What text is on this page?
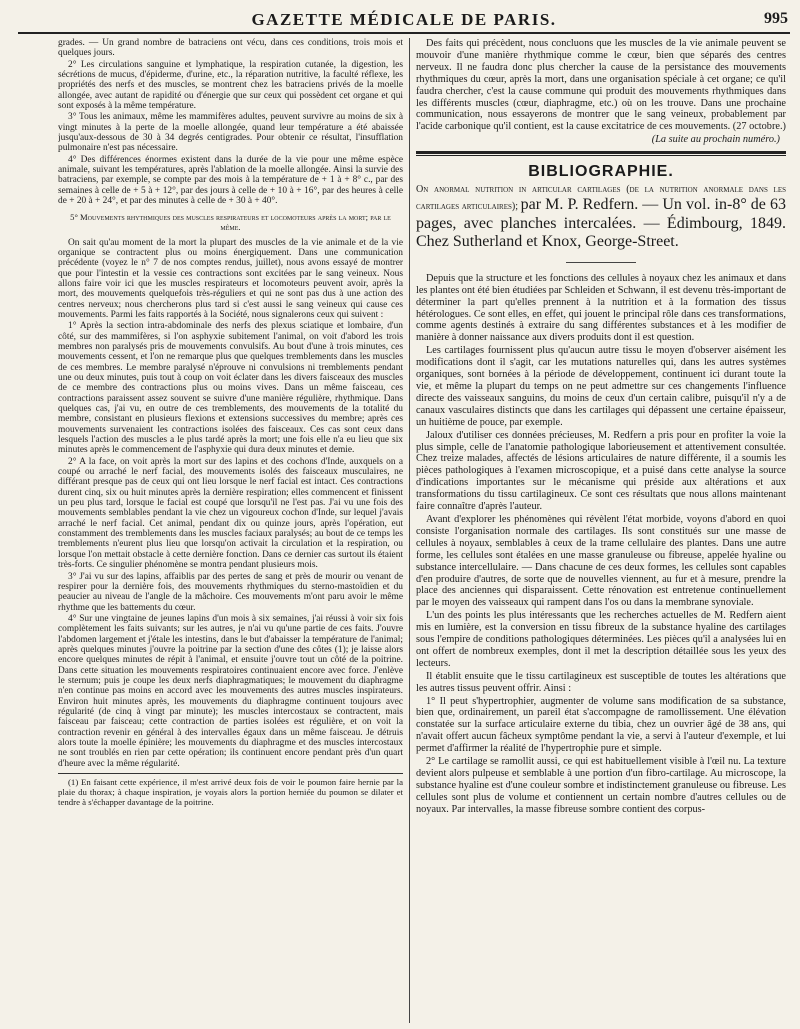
GAZETTE MÉDICALE DE PARIS.	995

grades. — Un grand nombre de batraciens ont vécu, dans ces conditions, trois mois et quelques jours.

2° Les circulations sanguine et lymphatique, la respiration cutanée, la digestion, les sécrétions de mucus, d'épiderme, d'urine, etc., la réparation nutritive, la faculté réflexe, les propriétés des nerfs et des muscles, se montrent chez les batraciens privés de la moelle allongée, avec autant de rapidité ou d'énergie que sur ceux qui possèdent cet organe et qui sont exposés à la même température.

3° Tous les animaux, même les mammifères adultes, peuvent survivre au moins de six à vingt minutes à la perte de la moelle allongée, quand leur température a été abaissée jusqu'aux-dessous de 30 à 34 degrés centigrades. Pour obtenir ce résultat, l'insufflation pulmonaire n'est pas nécessaire.

4° Des différences énormes existent dans la durée de la vie pour une même espèce animale, suivant les températures, après l'ablation de la moelle allongée. Ainsi la survie des batraciens, par exemple, se compte par des mois à la température de + 1 à + 8° c., par des semaines à celle de + 5 à + 12°, par des jours à celle de + 10 à + 16°, par des heures à celle de + 20 à + 24°, et par des minutes à celle de + 30 à + 40°.

5° Mouvements rhythmiques des muscles respirateurs et locomoteurs après la mort; par le même.

On sait qu'au moment de la mort la plupart des muscles de la vie animale et de la vie organique se contractent plus ou moins énergiquement. Dans une communication précédente (voyez le n° 7 de nos comptes rendus, juillet), nous avons essayé de montrer que pour l'intestin et la vessie ces contractions sont excitées par le sang veineux. Nous allons faire voir ici que les muscles respirateurs et locomoteurs peuvent avoir, après la mort, des mouvements quelquefois très-réguliers et qui ne sont pas dus à une action des centres nerveux; nous chercherons plus tard si c'est aussi le sang veineux qui cause ces mouvements. Parmi les faits rapportés à la Société, nous signalerons ceux qui suivent :

1° Après la section intra-abdominale des nerfs des plexus sciatique et lombaire, d'un côté, sur des mammifères, si l'on asphyxie subitement l'animal, on voit d'abord les trois membres non paralysés pris de mouvements convulsifs. Au bout d'une à trois minutes, ces mouvements cessent, et l'on ne remarque plus que quelques tremblements dans les muscles de ces membres. Le membre paralysé n'éprouve ni convulsions ni tremblements pendant une ou deux minutes, puis tout à coup on voit éclater dans les divers faisceaux des muscles de ce membre des contractions plus ou moins vives. Dans un même faisceau, ces contractions paraissent assez souvent se suivre d'une manière régulière, rhythmique. Dans quelques cas, j'ai vu, en outre de ces tremblements, des mouvements de la totalité du membre, consistant en plusieurs flexions et extensions successives du membre; après ces mouvements survenaient les contractions isolées des faisceaux. Ces cas sont ceux dans lesquels l'action des muscles a le plus tardé après la mort; une fois elle n'a eu lieu que six minutes après le commencement de l'asphyxie qui dura deux minutes et demie.

2° A la face, on voit après la mort sur des lapins et des cochons d'Inde, auxquels on a coupé ou arraché le nerf facial, des mouvements isolés des faisceaux musculaires, ne différant presque pas de ceux qui ont lieu lorsque le nerf facial est intact. Ces contractions durent cinq, six ou huit minutes après la dernière respiration; elles commencent et finissent un peu plus tard, lorsque le facial est coupé que lorsqu'il ne l'est pas. J'ai vu une fois des mouvements semblables pendant la vie chez un vigoureux cochon d'Inde, sur lequel j'avais arraché le nerf facial. Cet animal, pendant dix ou quinze jours, après l'opération, eut constamment des tremblements dans les muscles faciaux paralysés; au bout de ce temps les tremblements n'eurent plus lieu que lorsqu'on activait la circulation et la respiration, ou lorsque l'on mettait obstacle à cette dernière fonction. Dans ce dernier cas surtout ils étaient très-forts. Ce singulier phénomène se montra pendant plusieurs mois.

3° J'ai vu sur des lapins, affaiblis par des pertes de sang et près de mourir ou venant de respirer pour la dernière fois, des mouvements rhythmiques du sterno-mastoïdien et du peaucier au niveau de l'angle de la mâchoire. Ces mouvements m'ont paru avoir le même rhythme que les battements du cœur.

4° Sur une vingtaine de jeunes lapins d'un mois à six semaines, j'ai réussi à voir six fois complètement les faits suivants; sur les autres, je n'ai vu qu'une partie de ces faits. J'ouvre l'abdomen largement et j'étale les intestins, dans le but d'abaisser la température de l'animal; après quelques minutes j'ouvre la poitrine par la section d'une des côtes (1); je laisse alors encore quelques minutes de répit à l'animal, et ensuite j'ouvre tout un côté de la poitrine. Dans cette situation les mouvements respiratoires continuaient encore avec force. J'enlève le sternum; puis je coupe les deux nerfs diaphragmatiques; le mouvement du diaphragme n'en continue pas moins en accord avec les mouvements des autres muscles inspirateurs. Environ huit minutes après, les mouvements du diaphragme continuent toujours avec régularité (de cinq à vingt par minute); les muscles intercostaux se contractent, mais faisceau par faisceau; cette contraction de parties isolées est régulière, et on voit la contraction revenir en général à des intervalles égaux dans un même faisceau. Je détruis alors toute la moelle épinière; les mouvements du diaphragme et des muscles intercostaux ne sont troublés en rien par cette opération; ils continuent encore pendant près d'un quart d'heure avec la même régularité.

(1) En faisant cette expérience, il m'est arrivé deux fois de voir le poumon faire hernie par la plaie du thorax; à chaque inspiration, je voyais alors la portion herniée du poumon se dilater et tendre à s'échapper davantage de la poitrine.

Des faits qui précèdent, nous concluons que les muscles de la vie animale peuvent se mouvoir d'une manière rhythmique comme le cœur, bien que séparés des centres nerveux. Il ne faudra donc plus chercher la cause de la persistance des mouvements rhythmiques du cœur, après la mort, dans une organisation spéciale à cet organe; ce qu'il faudra chercher, c'est la cause commune qui produit des mouvements rhythmiques dans les différents muscles (cœur, diaphragme, etc.) où on les trouve. Dans une prochaine communication, nous essayerons de montrer que le sang veineux, probablement par l'acide carbonique qu'il contient, est la cause excitatrice de ces mouvements. (27 octobre.)

(La suite au prochain numéro.)

BIBLIOGRAPHIE.

On anormal nutrition in articular cartilages (de la nutrition anormale dans les cartilages articulaires); par M. P. Redfern. — Un vol. in-8° de 63 pages, avec planches intercalées. — Édimbourg, 1849. Chez Sutherland et Knox, George-Street.

Depuis que la structure et les fonctions des cellules à noyaux chez les animaux et dans les plantes ont été bien étudiées par Schleiden et Schwann, il est devenu très-important de déterminer la part qu'elles prennent à la nutrition et à la formation des tissus hétérologues. Ce sont elles, en effet, qui jouent le principal rôle dans ces transformations, comme agents destinés à extraire du sang différentes substances et à les modifier de manière à donner naissance aux divers produits dont il est question.

Les cartilages fournissent plus qu'aucun autre tissu le moyen d'observer aisément les modifications dont il s'agit, car les mutations naturelles qui, dans les autres systèmes organiques, sont bornées à la période de développement, continuent ici durant toute la vie, et même la plupart du temps on ne peut admettre sur ces changements l'influence directe des vaisseaux sanguins, du moins de ceux d'un certain calibre, puisqu'il n'y a de canaux vasculaires distincts que dans les cartilages qui dépassent une certaine épaisseur, un huitième de pouce, par exemple.

Jaloux d'utiliser ces données précieuses, M. Redfern a pris pour en profiter la voie la plus simple, celle de l'anatomie pathologique laborieusement et attentivement consultée. Chez treize malades, affectés de lésions articulaires de nature différente, il a soumis les pièces pathologiques à l'examen microscopique, et a puisé dans cette analyse la source d'indications importantes sur le mécanisme qui préside aux altérations et aux transformations du tissu cartilagineux. Ce sont ces résultats que nous allons maintenant faire connaître d'après l'auteur.

Avant d'explorer les phénomènes qui révèlent l'état morbide, voyons d'abord en quoi consiste l'organisation normale des cartilages. Ils sont constitués sur une masse de cellules à noyaux, semblables à ceux de la trame cellulaire des plantes. Dans une autre forme, les cellules sont étalées en une masse granuleuse ou fibreuse, appelée hyaline ou substance intercellulaire. — Dans chacune de ces deux formes, les cellules sont capables d'en produire d'autres, de sorte que de nouvelles viennent, au fur et à mesure, prendre la place des anciennes qui disparaissent. Cette rénovation est entretenue continuellement par le moyen des vaisseaux qui rampent dans l'os ou dans la membrane synoviale.

L'un des points les plus intéressants que les recherches actuelles de M. Redfern aient mis en lumière, est la conversion en tissu fibreux de la substance hyaline des cartilages sous l'empire de conditions pathologiques déterminées. Les pièces qu'il a analysées lui en ont offert de nombreux exemples, dont il met la description détaillée sous les yeux des lecteurs.

Il établit ensuite que le tissu cartilagineux est susceptible de toutes les altérations que les autres tissus peuvent offrir. Ainsi :

1° Il peut s'hypertrophier, augmenter de volume sans modification de sa substance, bien que, ordinairement, un pareil état s'accompagne de ramollissement. Une élévation constatée sur la surface articulaire externe du tibia, chez un ouvrier âgé de 38 ans, qui n'avait offert aucun fâcheux symptôme pendant la vie, a servi à l'auteur d'exemple, et lui permet d'affirmer la réalité de l'hypertrophie pure et simple.

2° Le cartilage se ramollit aussi, ce qui est habituellement visible à l'œil nu. La texture devient alors pulpeuse et semblable à une portion d'un fibro-cartilage. Au microscope, la substance hyaline est d'une couleur sombre et indistinctement granuleuse ou fibreuse. Les cellules sont plus de volume et contiennent un certain nombre d'autres cellules ou de noyaux. Par intervalles, la masse fibreuse sombre contient des corpus-
